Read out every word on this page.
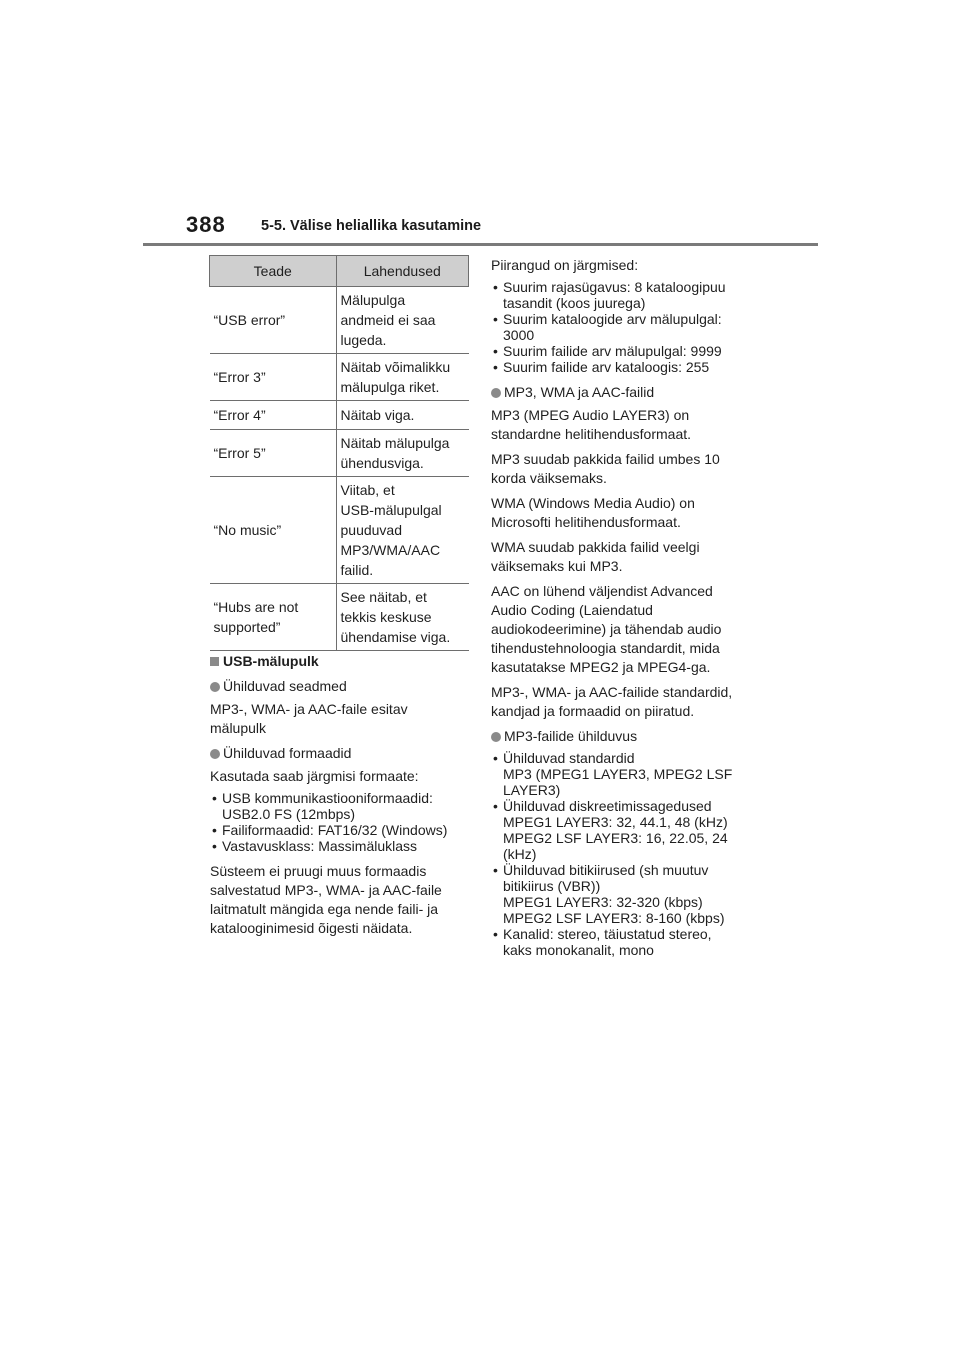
388 5-5. Välise heliallika kasutamine
Teade	Lahendused
“USB error”	Mälupulga
andmeid ei saa
lugeda.

“Error 3”	Näitab võimalikku
mälupulga riket.

“Error 4”	Näitab viga.

“Error 5”	Näitab mälupulga
ühendusviga.

“No music”	Viitab, et
USB-mälupulgal
puuduvad
MP3/WMA/AAC
failid.

“Hubs are not
supported”	See näitab, et
tekkis keskuse
ühendamise viga.
USB-mälupulk
Ühilduvad seadmed

MP3-, WMA- ja AAC-faile esitav
mälupulk

Ühilduvad formaadid

Kasutada saab järgmisi formaate:

• USB kommunikastiooniformaadid:
USB2.0 FS (12mbps)
• Failiformaadid: FAT16/32 (Windows)
• Vastavusklass: Massimäluklass

Süsteem ei pruugi muus formaadis
salvestatud MP3-, WMA- ja AAC-faile
laitmatult mängida ega nende faili- ja
katalooginimesid õigesti näidata.

Piirangud on järgmised:

• Suurim rajasügavus: 8 kataloogipuu
tasandit (koos juurega)
• Suurim kataloogide arv mälupulgal:
3000
• Suurim failide arv mälupulgal: 9999
• Suurim failide arv kataloogis: 255
MP3, WMA ja AAC-failid

MP3 (MPEG Audio LAYER3) on
standardne helitihendusformaat.

MP3 suudab pakkida failid umbes 10
korda väiksemaks.

WMA (Windows Media Audio) on
Microsofti helitihendusformaat.

WMA suudab pakkida failid veelgi
väiksemaks kui MP3.

AAC on lühend väljendist Advanced
Audio Coding (Laiendatud
audiokodeerimine) ja tähendab audio
tihendustehnoloogia standardit, mida
kasutatakse MPEG2 ja MPEG4-ga.

MP3-, WMA- ja AAC-failide standardid,
kandjad ja formaadid on piiratud.

MP3-failide ühilduvus
• Ühilduvad standardid
MP3 (MPEG1 LAYER3, MPEG2 LSF
LAYER3)
• Ühilduvad diskreetimissagedused
MPEG1 LAYER3: 32, 44.1, 48 (kHz)
MPEG2 LSF LAYER3: 16, 22.05, 24
(kHz)
• Ühilduvad bitikiirused (sh muutuv
bitikiirus (VBR))
MPEG1 LAYER3: 32-320 (kbps)
MPEG2 LSF LAYER3: 8-160 (kbps)
• Kanalid: stereo, täiustatud stereo,
kaks monokanalit, mono
